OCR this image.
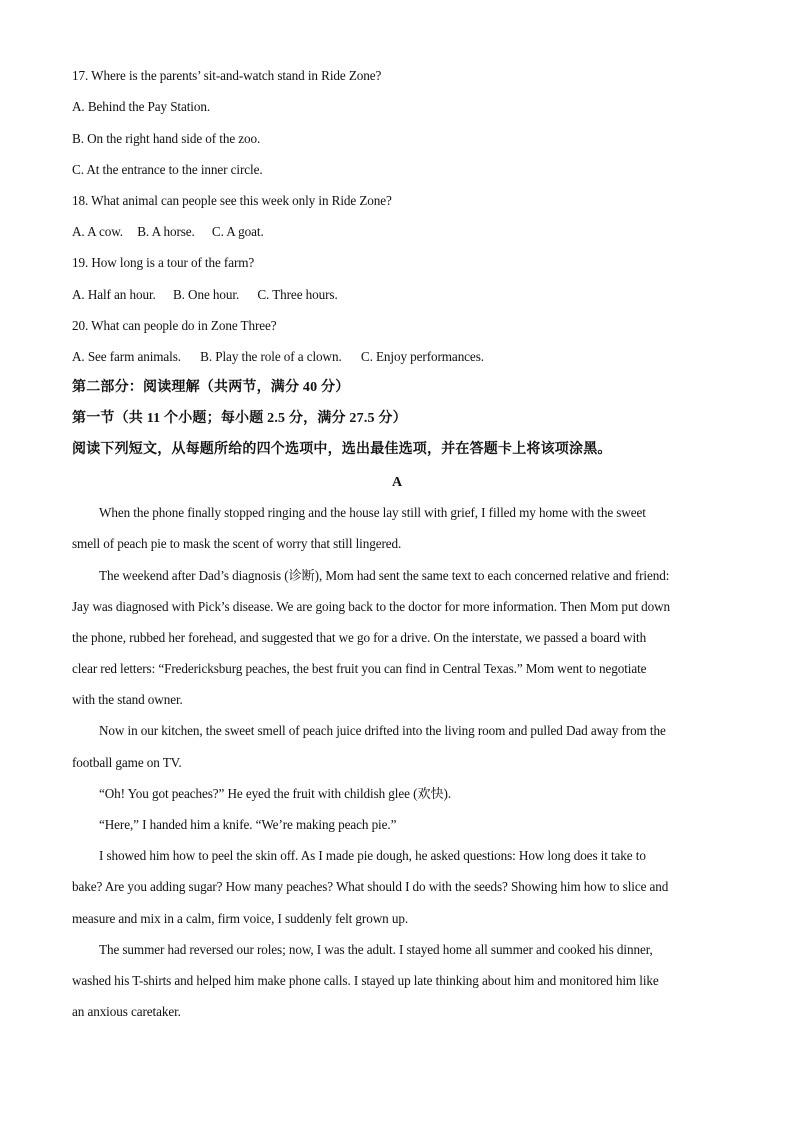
17. Where is the parents’ sit-and-watch stand in Ride Zone?
A. Behind the Pay Station.
B. On the right hand side of the zoo.
C. At the entrance to the inner circle.
18. What animal can people see this week only in Ride Zone?
A. A cow. B. A horse. C. A goat.
19. How long is a tour of the farm?
A. Half an hour. B. One hour. C. Three hours.
20. What can people do in Zone Three?
A. See farm animals. B. Play the role of a clown. C. Enjoy performances.
第二部分：阅读理解（共两节，满分 40 分）
第一节（共 11 个小题；每小题 2.5 分，满分 27.5 分）
阅读下列短文，从每题所给的四个选项中，选出最佳选项，并在答题卡上将该项涂黑。
A
When the phone finally stopped ringing and the house lay still with grief, I filled my home with the sweet
smell of peach pie to mask the scent of worry that still lingered.
The weekend after Dad’s diagnosis (诊断), Mom had sent the same text to each concerned relative and friend:
Jay was diagnosed with Pick’s disease. We are going back to the doctor for more information. Then Mom put down
the phone, rubbed her forehead, and suggested that we go for a drive. On the interstate, we passed a board with
clear red letters: “Fredericksburg peaches, the best fruit you can find in Central Texas.” Mom went to negotiate
with the stand owner.
Now in our kitchen, the sweet smell of peach juice drifted into the living room and pulled Dad away from the
football game on TV.
“Oh! You got peaches?” He eyed the fruit with childish glee (欢快).
“Here,” I handed him a knife. “We’re making peach pie.”
I showed him how to peel the skin off. As I made pie dough, he asked questions: How long does it take to
bake? Are you adding sugar? How many peaches? What should I do with the seeds? Showing him how to slice and
measure and mix in a calm, firm voice, I suddenly felt grown up.
The summer had reversed our roles; now, I was the adult. I stayed home all summer and cooked his dinner,
washed his T-shirts and helped him make phone calls. I stayed up late thinking about him and monitored him like
an anxious caretaker.
